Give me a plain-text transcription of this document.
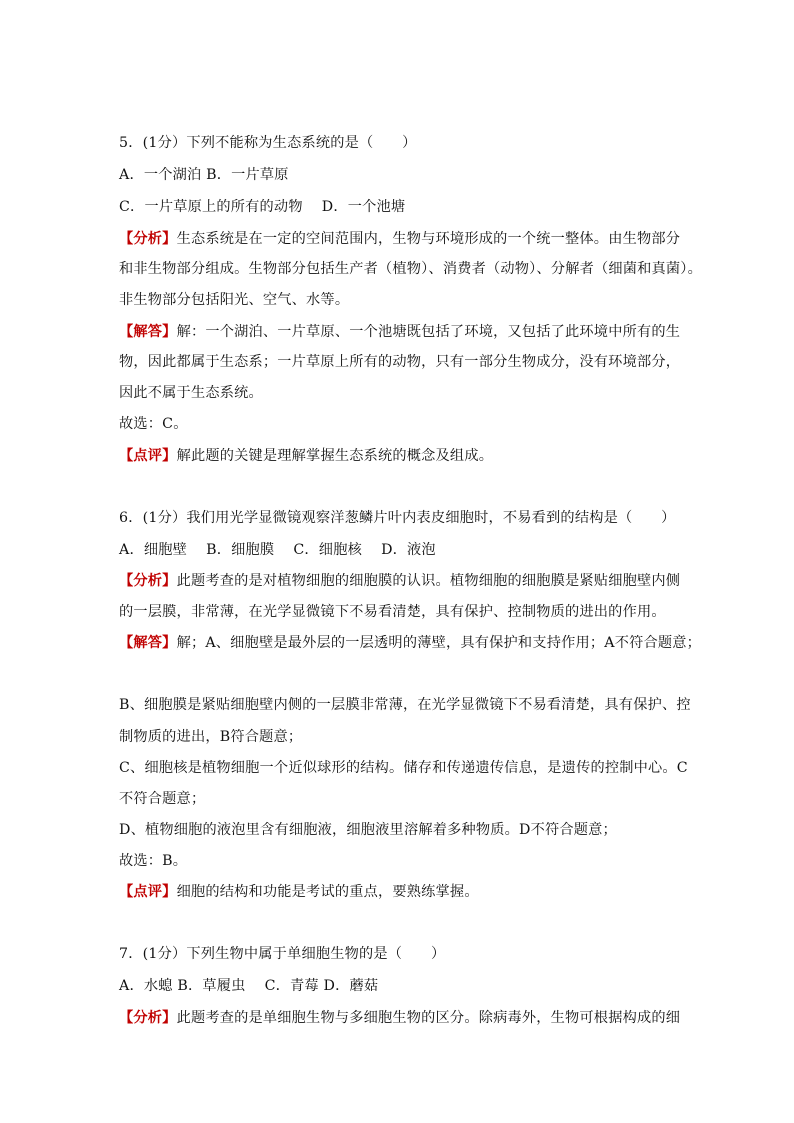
5．(1分）下列不能称为生态系统的是（　　）
A．一个湖泊 B．一片草原
C．一片草原上的所有的动物　 D．一个池塘
【分析】生态系统是在一定的空间范围内，生物与环境形成的一个统一整体。由生物部分
和非生物部分组成。生物部分包括生产者（植物）、消费者（动物）、分解者（细菌和真菌）。
非生物部分包括阳光、空气、水等。
【解答】解：一个湖泊、一片草原、一个池塘既包括了环境，又包括了此环境中所有的生
物，因此都属于生态系；一片草原上所有的动物，只有一部分生物成分，没有环境部分，
因此不属于生态系统。
故选：C。
【点评】解此题的关键是理解掌握生态系统的概念及组成。
6．(1分）我们用光学显微镜观察洋葱鳞片叶内表皮细胞时，不易看到的结构是（　　）
A．细胞壁　 B．细胞膜　 C．细胞核　 D．液泡
【分析】此题考查的是对植物细胞的细胞膜的认识。植物细胞的细胞膜是紧贴细胞壁内侧
的一层膜，非常薄，在光学显微镜下不易看清楚，具有保护、控制物质的进出的作用。
【解答】解；A、细胞壁是最外层的一层透明的薄壁，具有保护和支持作用；A不符合题意；
B、细胞膜是紧贴细胞壁内侧的一层膜非常薄，在光学显微镜下不易看清楚，具有保护、控
制物质的进出，B符合题意；
C、细胞核是植物细胞一个近似球形的结构。储存和传递遗传信息，是遗传的控制中心。C
不符合题意；
D、植物细胞的液泡里含有细胞液，细胞液里溶解着多种物质。D不符合题意；
故选：B。
【点评】细胞的结构和功能是考试的重点，要熟练掌握。
7．(1分）下列生物中属于单细胞生物的是（　　）
A．水螅 B．草履虫　 C．青莓 D．蘑菇
【分析】此题考查的是单细胞生物与多细胞生物的区分。除病毒外，生物可根据构成的细
